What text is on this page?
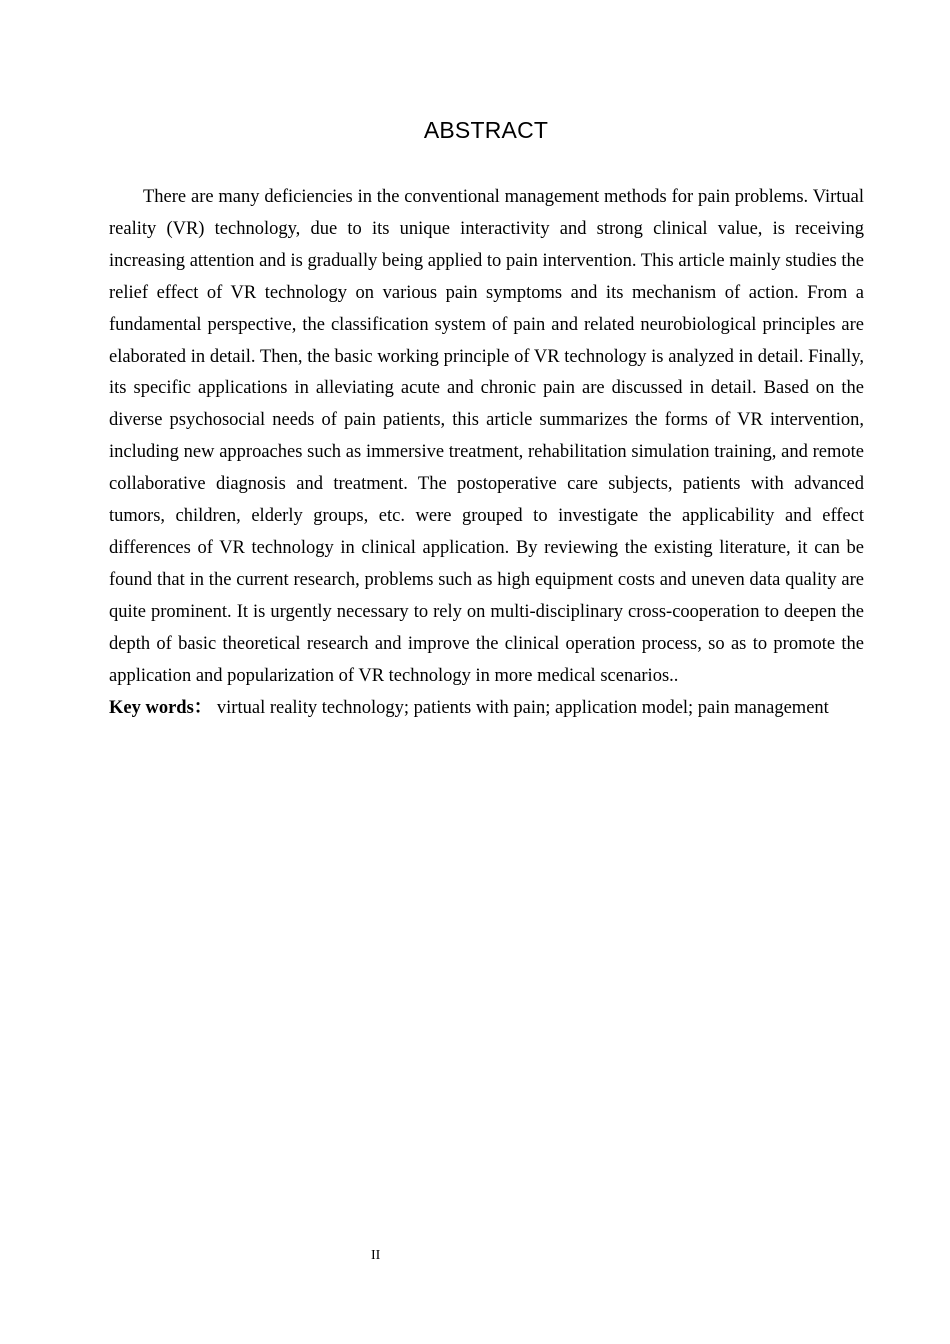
ABSTRACT

There are many deficiencies in the conventional management methods for pain problems. Virtual reality (VR) technology, due to its unique interactivity and strong clinical value, is receiving increasing attention and is gradually being applied to pain intervention. This article mainly studies the relief effect of VR technology on various pain symptoms and its mechanism of action. From a fundamental perspective, the classification system of pain and related neurobiological principles are elaborated in detail. Then, the basic working principle of VR technology is analyzed in detail. Finally, its specific applications in alleviating acute and chronic pain are discussed in detail. Based on the diverse psychosocial needs of pain patients, this article summarizes the forms of VR intervention, including new approaches such as immersive treatment, rehabilitation simulation training, and remote collaborative diagnosis and treatment. The postoperative care subjects, patients with advanced tumors, children, elderly groups, etc. were grouped to investigate the applicability and effect differences of VR technology in clinical application. By reviewing the existing literature, it can be found that in the current research, problems such as high equipment costs and uneven data quality are quite prominent. It is urgently necessary to rely on multi-disciplinary cross-cooperation to deepen the depth of basic theoretical research and improve the clinical operation process, so as to promote the application and popularization of VR technology in more medical scenarios..

Key words： virtual reality technology; patients with pain; application model; pain management

II
